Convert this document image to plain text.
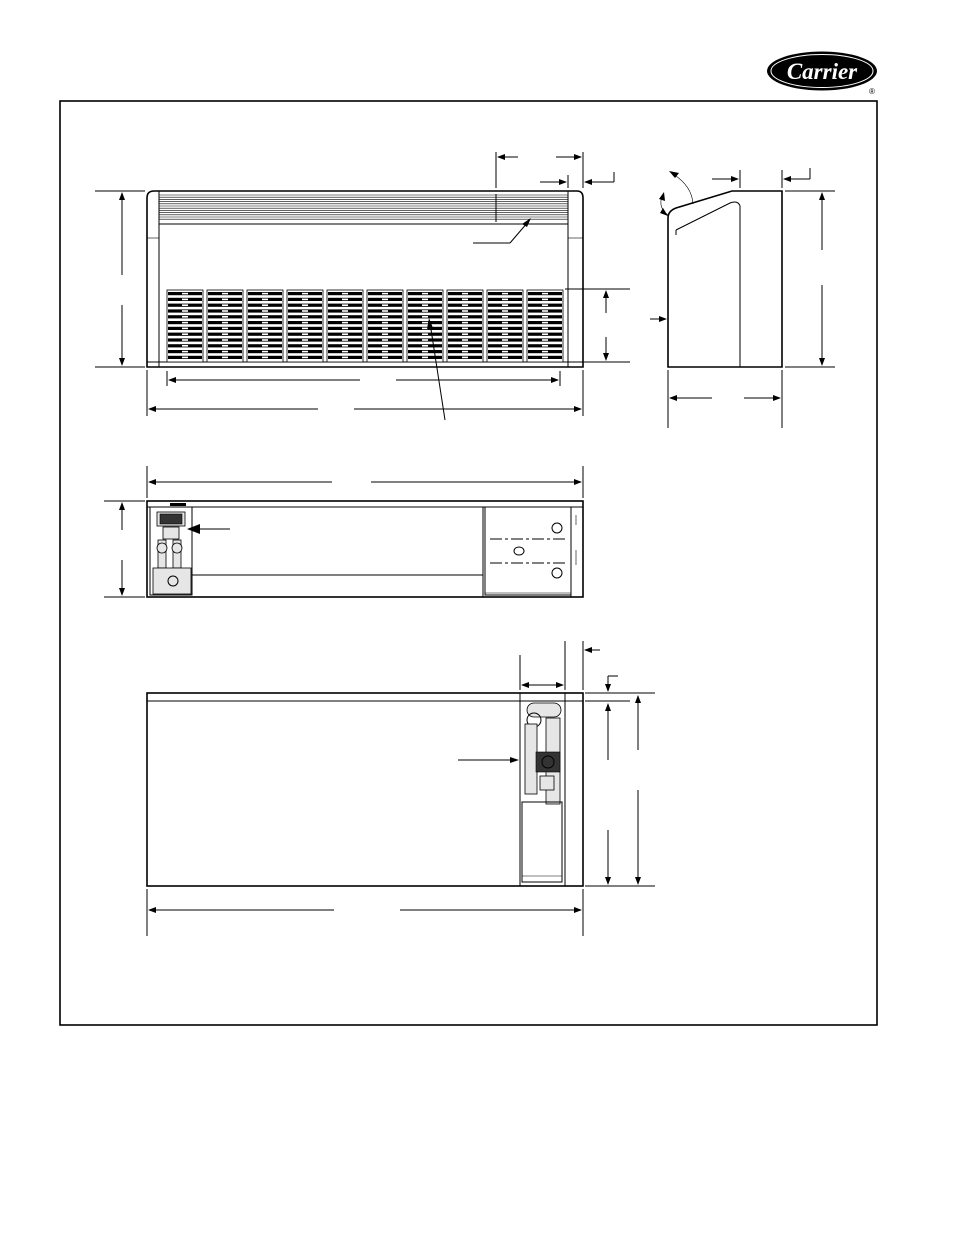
Carrier
®
